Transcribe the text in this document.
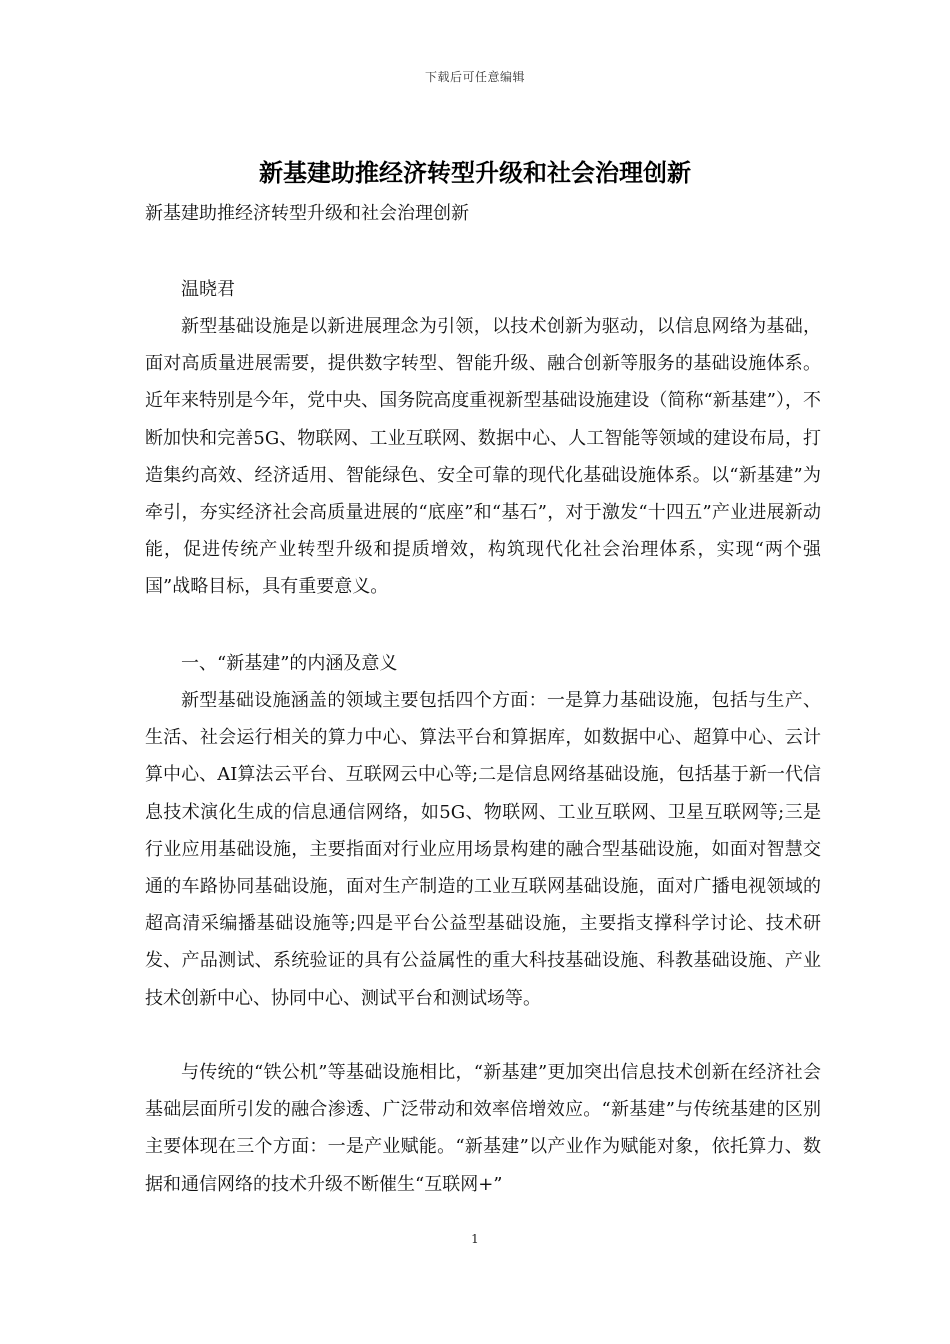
下载后可任意编辑
新基建助推经济转型升级和社会治理创新
新基建助推经济转型升级和社会治理创新
温晓君

新型基础设施是以新进展理念为引领，以技术创新为驱动，以信息网络为基础，面对高质量进展需要，提供数字转型、智能升级、融合创新等服务的基础设施体系。近年来特别是今年，党中央、国务院高度重视新型基础设施建设（简称“新基建”），不断加快和完善5G、物联网、工业互联网、数据中心、人工智能等领域的建设布局，打造集约高效、经济适用、智能绿色、安全可靠的现代化基础设施体系。以“新基建”为牵引，夯实经济社会高质量进展的“底座”和“基石”，对于激发“十四五”产业进展新动能，促进传统产业转型升级和提质增效，构筑现代化社会治理体系，实现“两个强国”战略目标，具有重要意义。

一、“新基建”的内涵及意义

新型基础设施涵盖的领域主要包括四个方面：一是算力基础设施，包括与生产、生活、社会运行相关的算力中心、算法平台和算据库，如数据中心、超算中心、云计算中心、AI算法云平台、互联网云中心等;二是信息网络基础设施，包括基于新一代信息技术演化生成的信息通信网络，如5G、物联网、工业互联网、卫星互联网等;三是行业应用基础设施，主要指面对行业应用场景构建的融合型基础设施，如面对智慧交通的车路协同基础设施，面对生产制造的工业互联网基础设施，面对广播电视领域的超高清采编播基础设施等;四是平台公益型基础设施，主要指支撑科学讨论、技术研发、产品测试、系统验证的具有公益属性的重大科技基础设施、科教基础设施、产业技术创新中心、协同中心、测试平台和测试场等。

与传统的“铁公机”等基础设施相比，“新基建”更加突出信息技术创新在经济社会基础层面所引发的融合渗透、广泛带动和效率倍增效应。“新基建”与传统基建的区别主要体现在三个方面：一是产业赋能。“新基建”以产业作为赋能对象，依托算力、数据和通信网络的技术升级不断催生“互联网+”

1
